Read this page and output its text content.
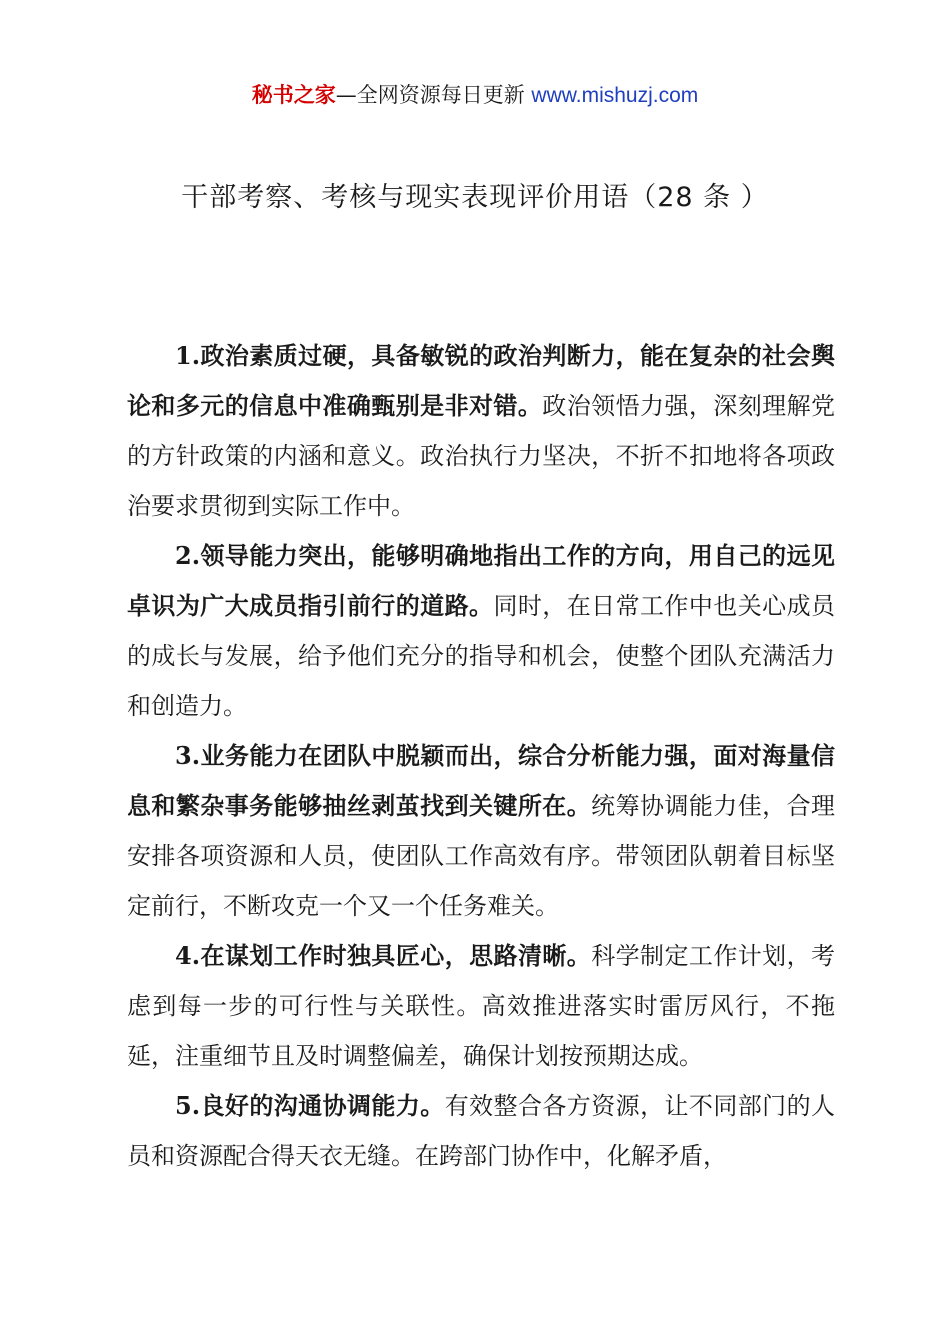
秘书之家—全网资源每日更新 www.mishuzj.com
干部考察、考核与现实表现评价用语（28 条 ）

1.政治素质过硬，具备敏锐的政治判断力，能在复杂的社会舆论和多元的信息中准确甄别是非对错。政治领悟力强，深刻理解党的方针政策的内涵和意义。政治执行力坚决，不折不扣地将各项政治要求贯彻到实际工作中。

2.领导能力突出，能够明确地指出工作的方向，用自己的远见卓识为广大成员指引前行的道路。同时，在日常工作中也关心成员的成长与发展，给予他们充分的指导和机会，使整个团队充满活力和创造力。

3.业务能力在团队中脱颖而出，综合分析能力强，面对海量信息和繁杂事务能够抽丝剥茧找到关键所在。统筹协调能力佳，合理安排各项资源和人员，使团队工作高效有序。带领团队朝着目标坚定前行，不断攻克一个又一个任务难关。

4.在谋划工作时独具匠心，思路清晰。科学制定工作计划，考虑到每一步的可行性与关联性。高效推进落实时雷厉风行，不拖延，注重细节且及时调整偏差，确保计划按预期达成。

5.良好的沟通协调能力。有效整合各方资源，让不同部门的人员和资源配合得天衣无缝。在跨部门协作中，化解矛盾，
